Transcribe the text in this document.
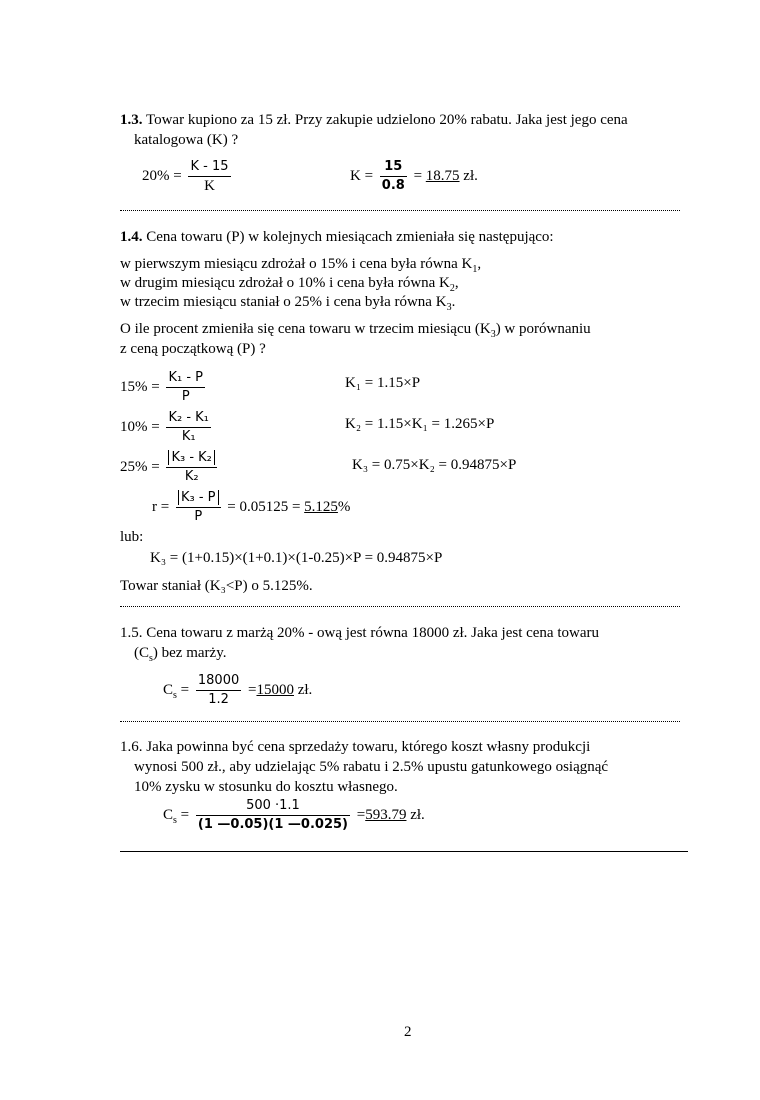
1.3. Towar kupiono za 15 zł. Przy zakupie udzielono 20% rabatu. Jaka jest jego cena
katalogowa (K) ?
$20\% = \frac{K - 15}{K}$	$K = \frac{15}{0.8} = 18.75$ zł.
1.4. Cena towaru (P) w kolejnych miesiącach zmieniała się następująco:
w pierwszym miesiącu zdrożał o 15% i cena była równa $K_1$,
w drugim miesiącu zdrożał o 10% i cena była równa $K_2$,
w trzecim miesiącu staniał o 25% i cena była równa $K_3$.
O ile procent zmieniła się cena towaru w trzecim miesiącu $(K_3)$ w porównaniu
z ceną początkową (P) ?
$15\% = \frac{\text{K₁ - P}}{P}$	K₁ = 1.15×P
$10\% = \frac{\text{K₂ - K₁}}{\text{K₁}}$	K₂ = 1.15×K₁ = 1.265×P
$25\% = \frac{\text{K₃ - K₂}}{\text{K₂}}$	K₃ = 0.75×K₂ = 0.94875×P
$r = \frac{\text{K₃ - P}}{P} = 0.05125 = 5.125\%$
lub:
K₃ = (1+0.15)×(1+0.1)×(1-0.25)×P = 0.94875×P
Towar staniał (K₃<P) o 5.125%.
1.5. Cena towaru z marżą 20% - ową jest równa 18000 zł. Jaka jest cena towaru
$(C_s)$ bez marży.
$C_s = \frac{18000}{1.2} =15000$ zł.
1.6. Jaka powinna być cena sprzedaży towaru, którego koszt własny produkcji
wynosi 500 zł., aby udzielając 5% rabatu i 2.5% upustu gatunkowego osiągnąć
10% zysku w stosunku do kosztu własnego.
$C_s = \frac{500 \cdot 1.1}{(1 —0.05)(1 —0.025)} =593.79$ zł.
2
